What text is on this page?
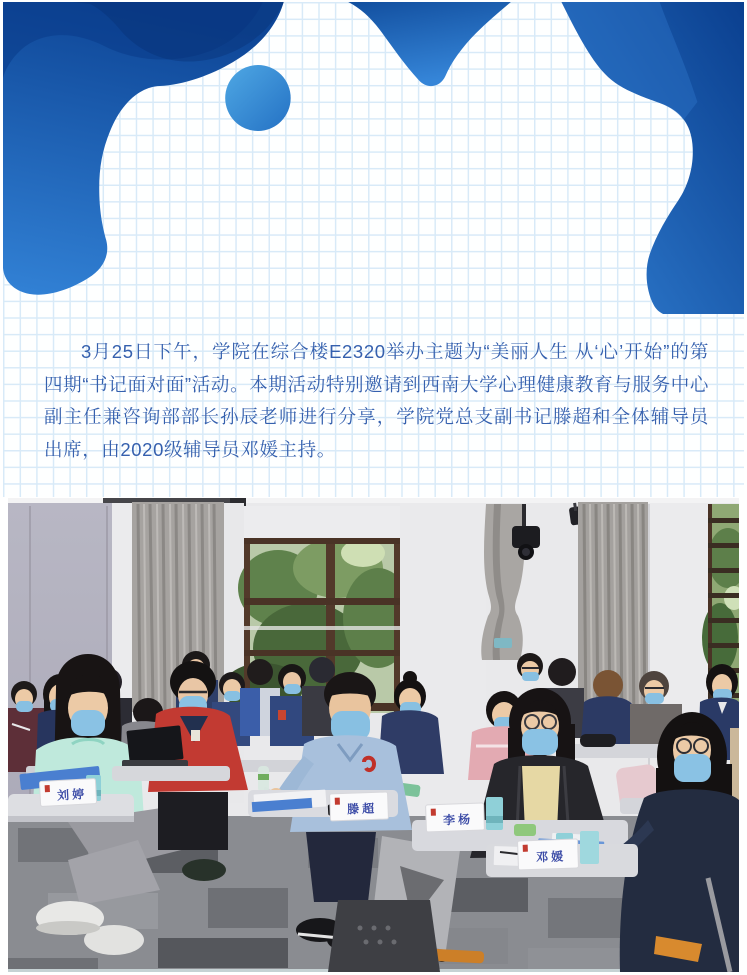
3月25日下午，学院在综合楼E2320举办主题为“美丽人生 从‘心’开始”的第四期“书记面对面”活动。本期活动特别邀请到西南大学心理健康教育与服务中心副主任兼咨询部部长孙辰老师进行分享，学院党总支副书记滕超和全体辅导员出席，由2020级辅导员邓媛主持。

刘婷
滕超
李杨
邓媛
